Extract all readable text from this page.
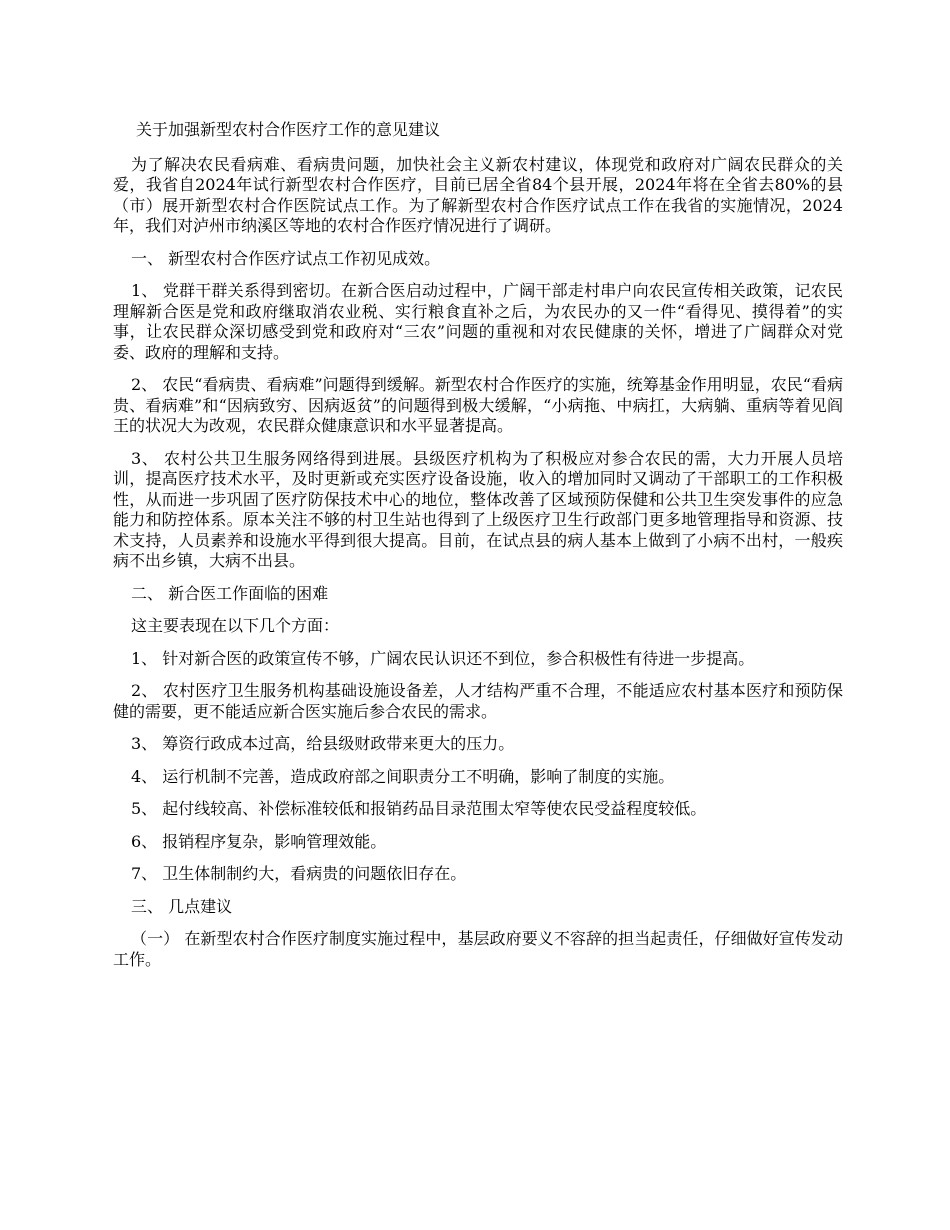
关于加强新型农村合作医疗工作的意见建议

为了解决农民看病难、看病贵问题，加快社会主义新农村建议，体现党和政府对广阔农民群众的关爱，我省自2024年试行新型农村合作医疗，目前已居全省84个县开展，2024年将在全省去80%的县（市）展开新型农村合作医院试点工作。为了解新型农村合作医疗试点工作在我省的实施情况，2024年，我们对泸州市纳溪区等地的农村合作医疗情况进行了调研。

一、 新型农村合作医疗试点工作初见成效。

1、 党群干群关系得到密切。在新合医启动过程中，广阔干部走村串户向农民宣传相关政策，记农民理解新合医是党和政府继取消农业税、实行粮食直补之后，为农民办的又一件“看得见、摸得着”的实事，让农民群众深切感受到党和政府对“三农”问题的重视和对农民健康的关怀，增进了广阔群众对党委、政府的理解和支持。

2、 农民“看病贵、看病难”问题得到缓解。新型农村合作医疗的实施，统筹基金作用明显，农民“看病贵、看病难”和“因病致穷、因病返贫”的问题得到极大缓解，“小病拖、中病扛，大病躺、重病等着见阎王的状况大为改观，农民群众健康意识和水平显著提高。

3、 农村公共卫生服务网络得到进展。县级医疗机构为了积极应对参合农民的需，大力开展人员培训，提高医疗技术水平，及时更新或充实医疗设备设施，收入的增加同时又调动了干部职工的工作积极性，从而进一步巩固了医疗防保技术中心的地位，整体改善了区域预防保健和公共卫生突发事件的应急能力和防控体系。原本关注不够的村卫生站也得到了上级医疗卫生行政部门更多地管理指导和资源、技术支持，人员素养和设施水平得到很大提高。目前，在试点县的病人基本上做到了小病不出村，一般疾病不出乡镇，大病不出县。

二、 新合医工作面临的困难

这主要表现在以下几个方面：

1、 针对新合医的政策宣传不够，广阔农民认识还不到位，参合积极性有待进一步提高。

2、 农村医疗卫生服务机构基础设施设备差，人才结构严重不合理，不能适应农村基本医疗和预防保健的需要，更不能适应新合医实施后参合农民的需求。

3、 筹资行政成本过高，给县级财政带来更大的压力。

4、 运行机制不完善，造成政府部之间职责分工不明确，影响了制度的实施。

5、 起付线较高、补偿标准较低和报销药品目录范围太窄等使农民受益程度较低。

6、 报销程序复杂，影响管理效能。

7、 卫生体制制约大，看病贵的问题依旧存在。

三、 几点建议

（一） 在新型农村合作医疗制度实施过程中，基层政府要义不容辞的担当起责任，仔细做好宣传发动工作。
